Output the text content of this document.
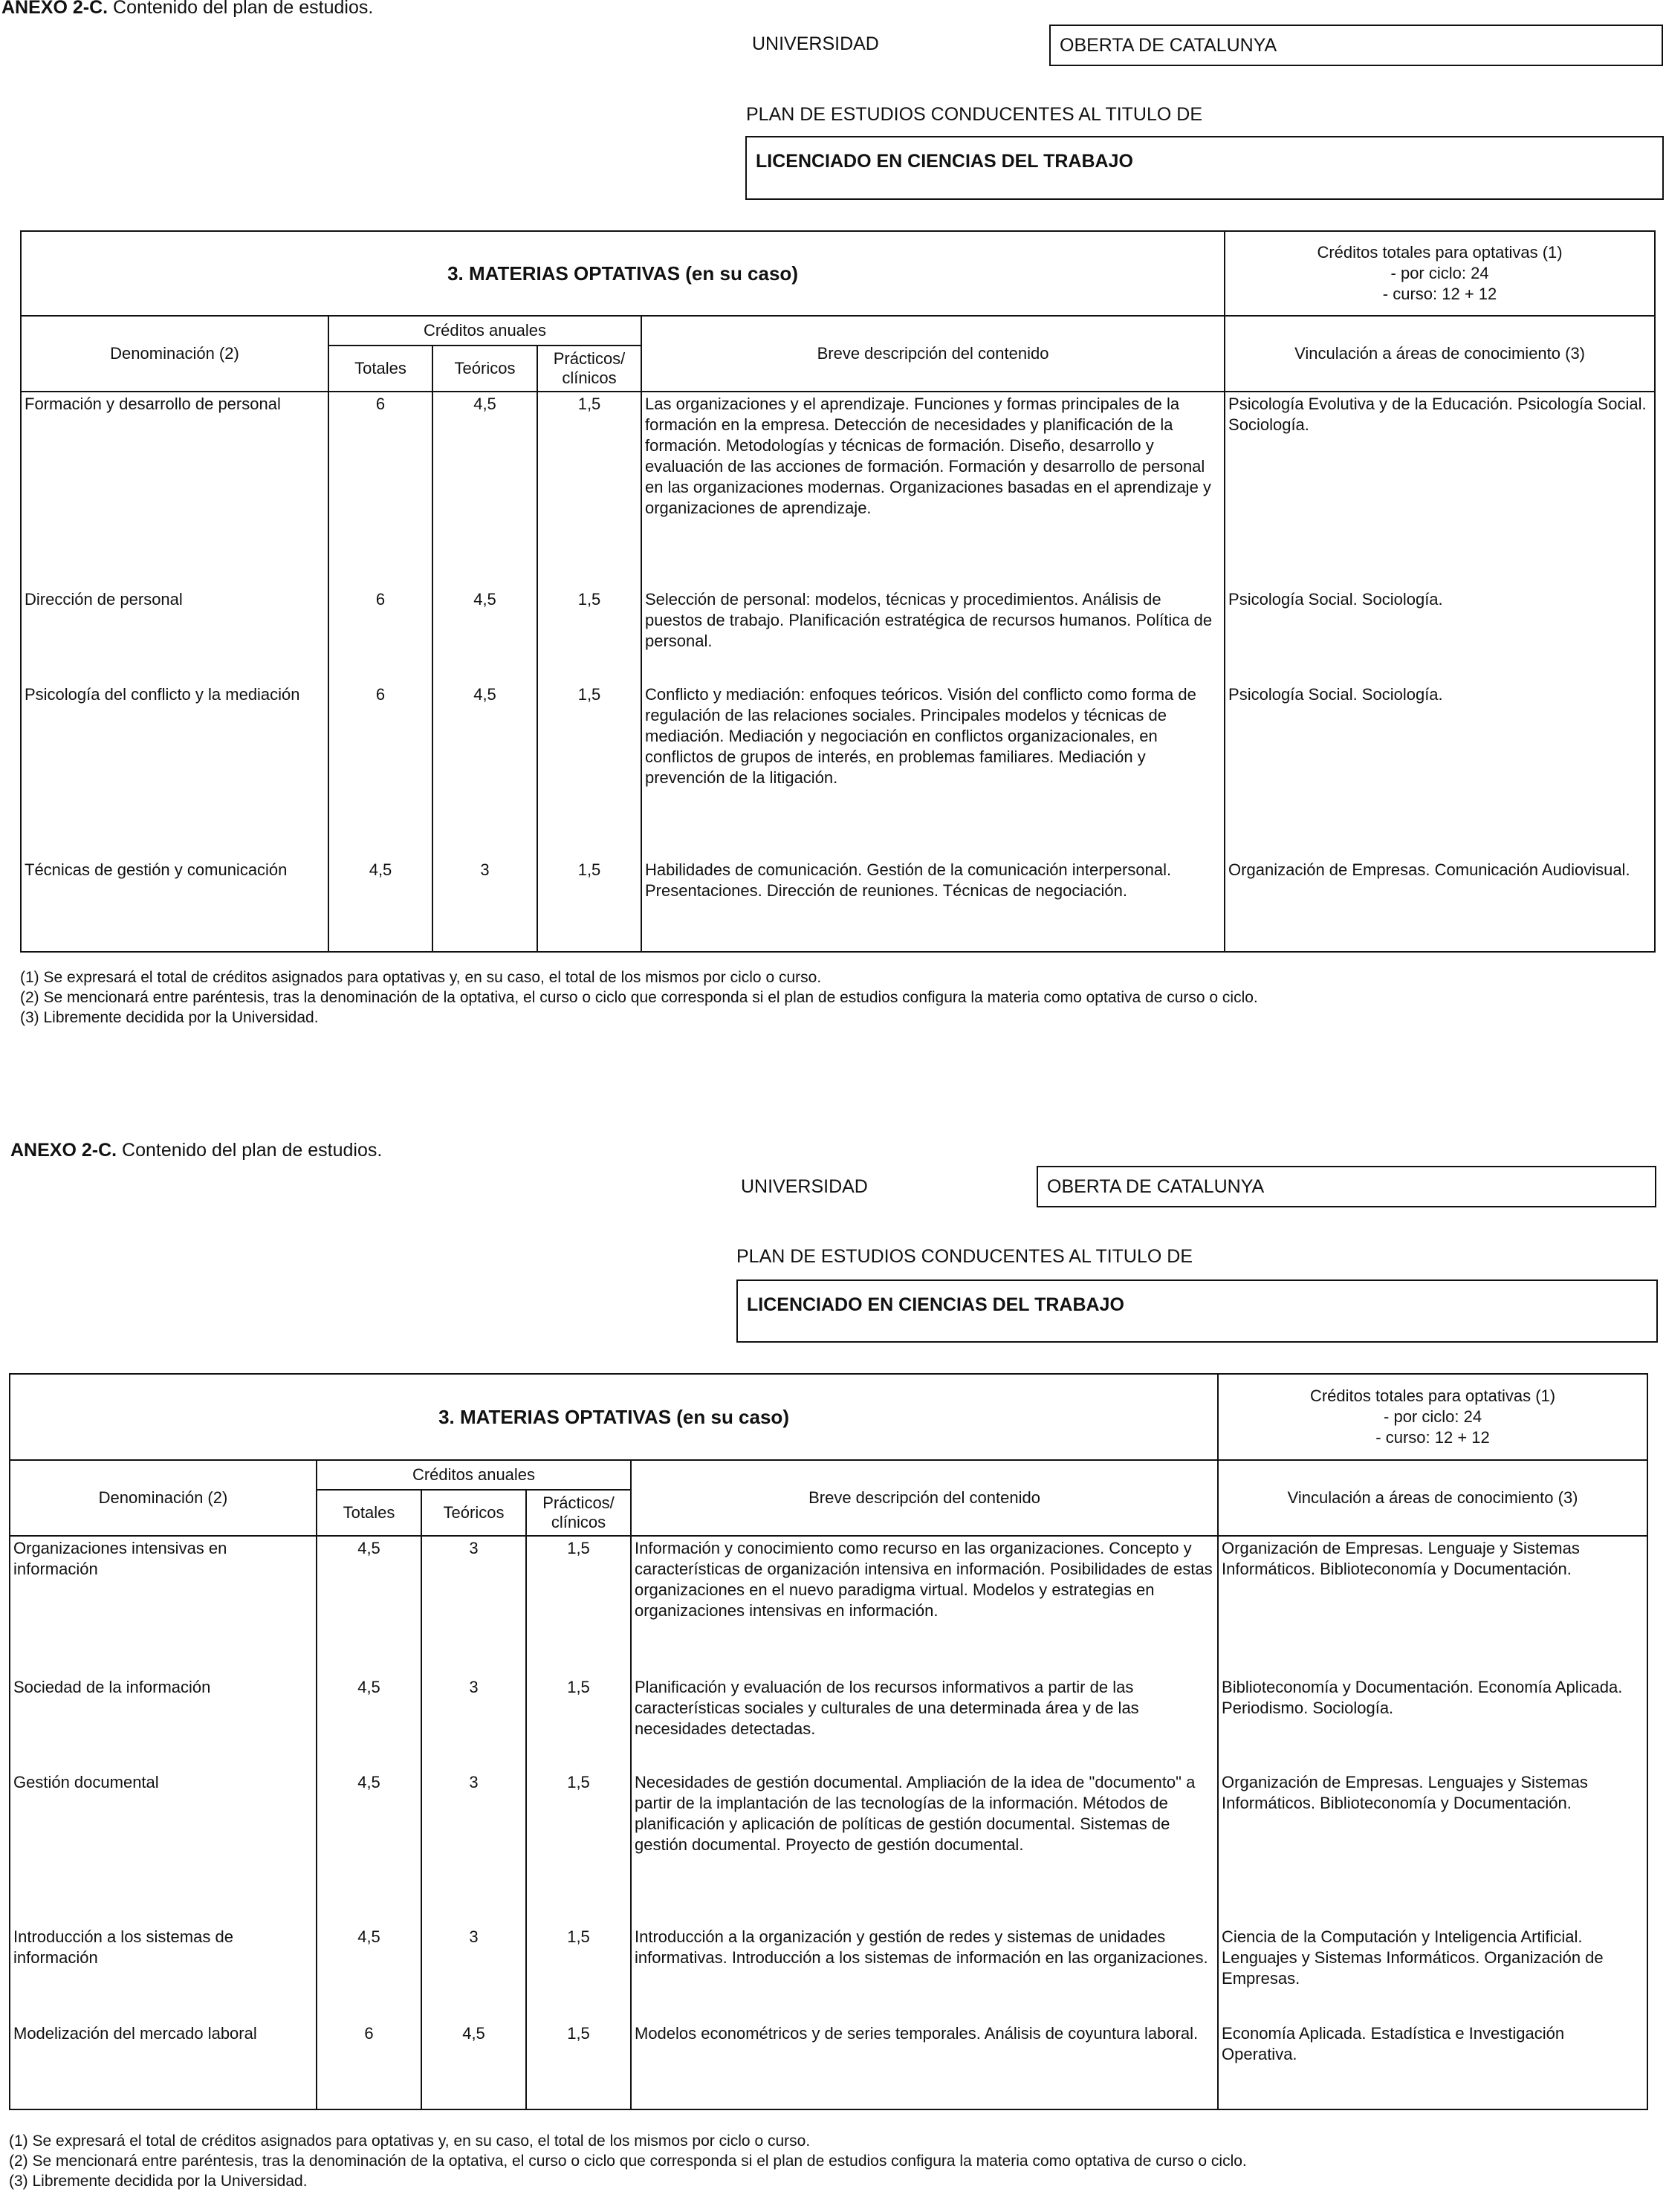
ANEXO 2-C. Contenido del plan de estudios.
UNIVERSIDAD	OBERTA DE CATALUNYA
PLAN DE ESTUDIOS CONDUCENTES AL TITULO DE
LICENCIADO EN CIENCIAS DEL TRABAJO
3. MATERIAS OPTATIVAS (en su caso)					Créditos totales para optativas (1)
- por ciclo: 24
- curso: 12 + 12

Denominación (2)	Créditos anuales			Breve descripción del contenido	Vinculación a áreas de conocimiento (3)
	Totales	Teóricos	Prácticos/ clínicos		
Formación y desarrollo de personal	6	4,5	1,5	Las organizaciones y el aprendizaje. Funciones y formas principales de la formación en la empresa. Detección de necesidades y planificación de la formación. Metodologías y técnicas de formación. Diseño, desarrollo y evaluación de las acciones de formación. Formación y desarrollo de personal en las organizaciones modernas. Organizaciones basadas en el aprendizaje y organizaciones de aprendizaje.	Psicología Evolutiva y de la Educación. Psicología Social. Sociología.
Dirección de personal	6	4,5	1,5	Selección de personal: modelos, técnicas y procedimientos. Análisis de puestos de trabajo. Planificación estratégica de recursos humanos. Política de personal.	Psicología Social. Sociología.
Psicología del conflicto y la mediación	6	4,5	1,5	Conflicto y mediación: enfoques teóricos. Visión del conflicto como forma de regulación de las relaciones sociales. Principales modelos y técnicas de mediación. Mediación y negociación en conflictos organizacionales, en conflictos de grupos de interés, en problemas familiares. Mediación y prevención de la litigación.	Psicología Social. Sociología.
Técnicas de gestión y comunicación	4,5	3	1,5	Habilidades de comunicación. Gestión de la comunicación interpersonal. Presentaciones. Dirección de reuniones. Técnicas de negociación.	Organización de Empresas. Comunicación Audiovisual.
(1) Se expresará el total de créditos asignados para optativas y, en su caso, el total de los mismos por ciclo o curso.
(2) Se mencionará entre paréntesis, tras la denominación de la optativa, el curso o ciclo que corresponda si el plan de estudios configura la materia como optativa de curso o ciclo.
(3) Libremente decidida por la Universidad.
ANEXO 2-C. Contenido del plan de estudios.
UNIVERSIDAD	OBERTA DE CATALUNYA
PLAN DE ESTUDIOS CONDUCENTES AL TITULO DE
LICENCIADO EN CIENCIAS DEL TRABAJO
3. MATERIAS OPTATIVAS (en su caso)					Créditos totales para optativas (1)
- por ciclo: 24
- curso: 12 + 12

Denominación (2)	Créditos anuales			Breve descripción del contenido	Vinculación a áreas de conocimiento (3)
	Totales	Teóricos	Prácticos/ clínicos		
Organizaciones intensivas en información	4,5	3	1,5	Información y conocimiento como recurso en las organizaciones. Concepto y características de organización intensiva en información. Posibilidades de estas organizaciones en el nuevo paradigma virtual. Modelos y estrategias en organizaciones intensivas en información.	Organización de Empresas. Lenguaje y Sistemas Informáticos. Biblioteconomía y Documentación.
Sociedad de la información	4,5	3	1,5	Planificación y evaluación de los recursos informativos a partir de las características sociales y culturales de una determinada área y de las necesidades detectadas.	Biblioteconomía y Documentación. Economía Aplicada. Periodismo. Sociología.
Gestión documental	4,5	3	1,5	Necesidades de gestión documental. Ampliación de la idea de "documento" a partir de la implantación de las tecnologías de la información. Métodos de planificación y aplicación de políticas de gestión documental. Sistemas de gestión documental. Proyecto de gestión documental.	Organización de Empresas. Lenguajes y Sistemas Informáticos. Biblioteconomía y Documentación.
Introducción a los sistemas de información	4,5	3	1,5	Introducción a la organización y gestión de redes y sistemas de unidades informativas. Introducción a los sistemas de información en las organizaciones.	Ciencia de la Computación y Inteligencia Artificial. Lenguajes y Sistemas Informáticos. Organización de Empresas.
Modelización del mercado laboral	6	4,5	1,5	Modelos econométricos y de series temporales. Análisis de coyuntura laboral.	Economía Aplicada. Estadística e Investigación Operativa.
(1) Se expresará el total de créditos asignados para optativas y, en su caso, el total de los mismos por ciclo o curso.
(2) Se mencionará entre paréntesis, tras la denominación de la optativa, el curso o ciclo que corresponda si el plan de estudios configura la materia como optativa de curso o ciclo.
(3) Libremente decidida por la Universidad.
